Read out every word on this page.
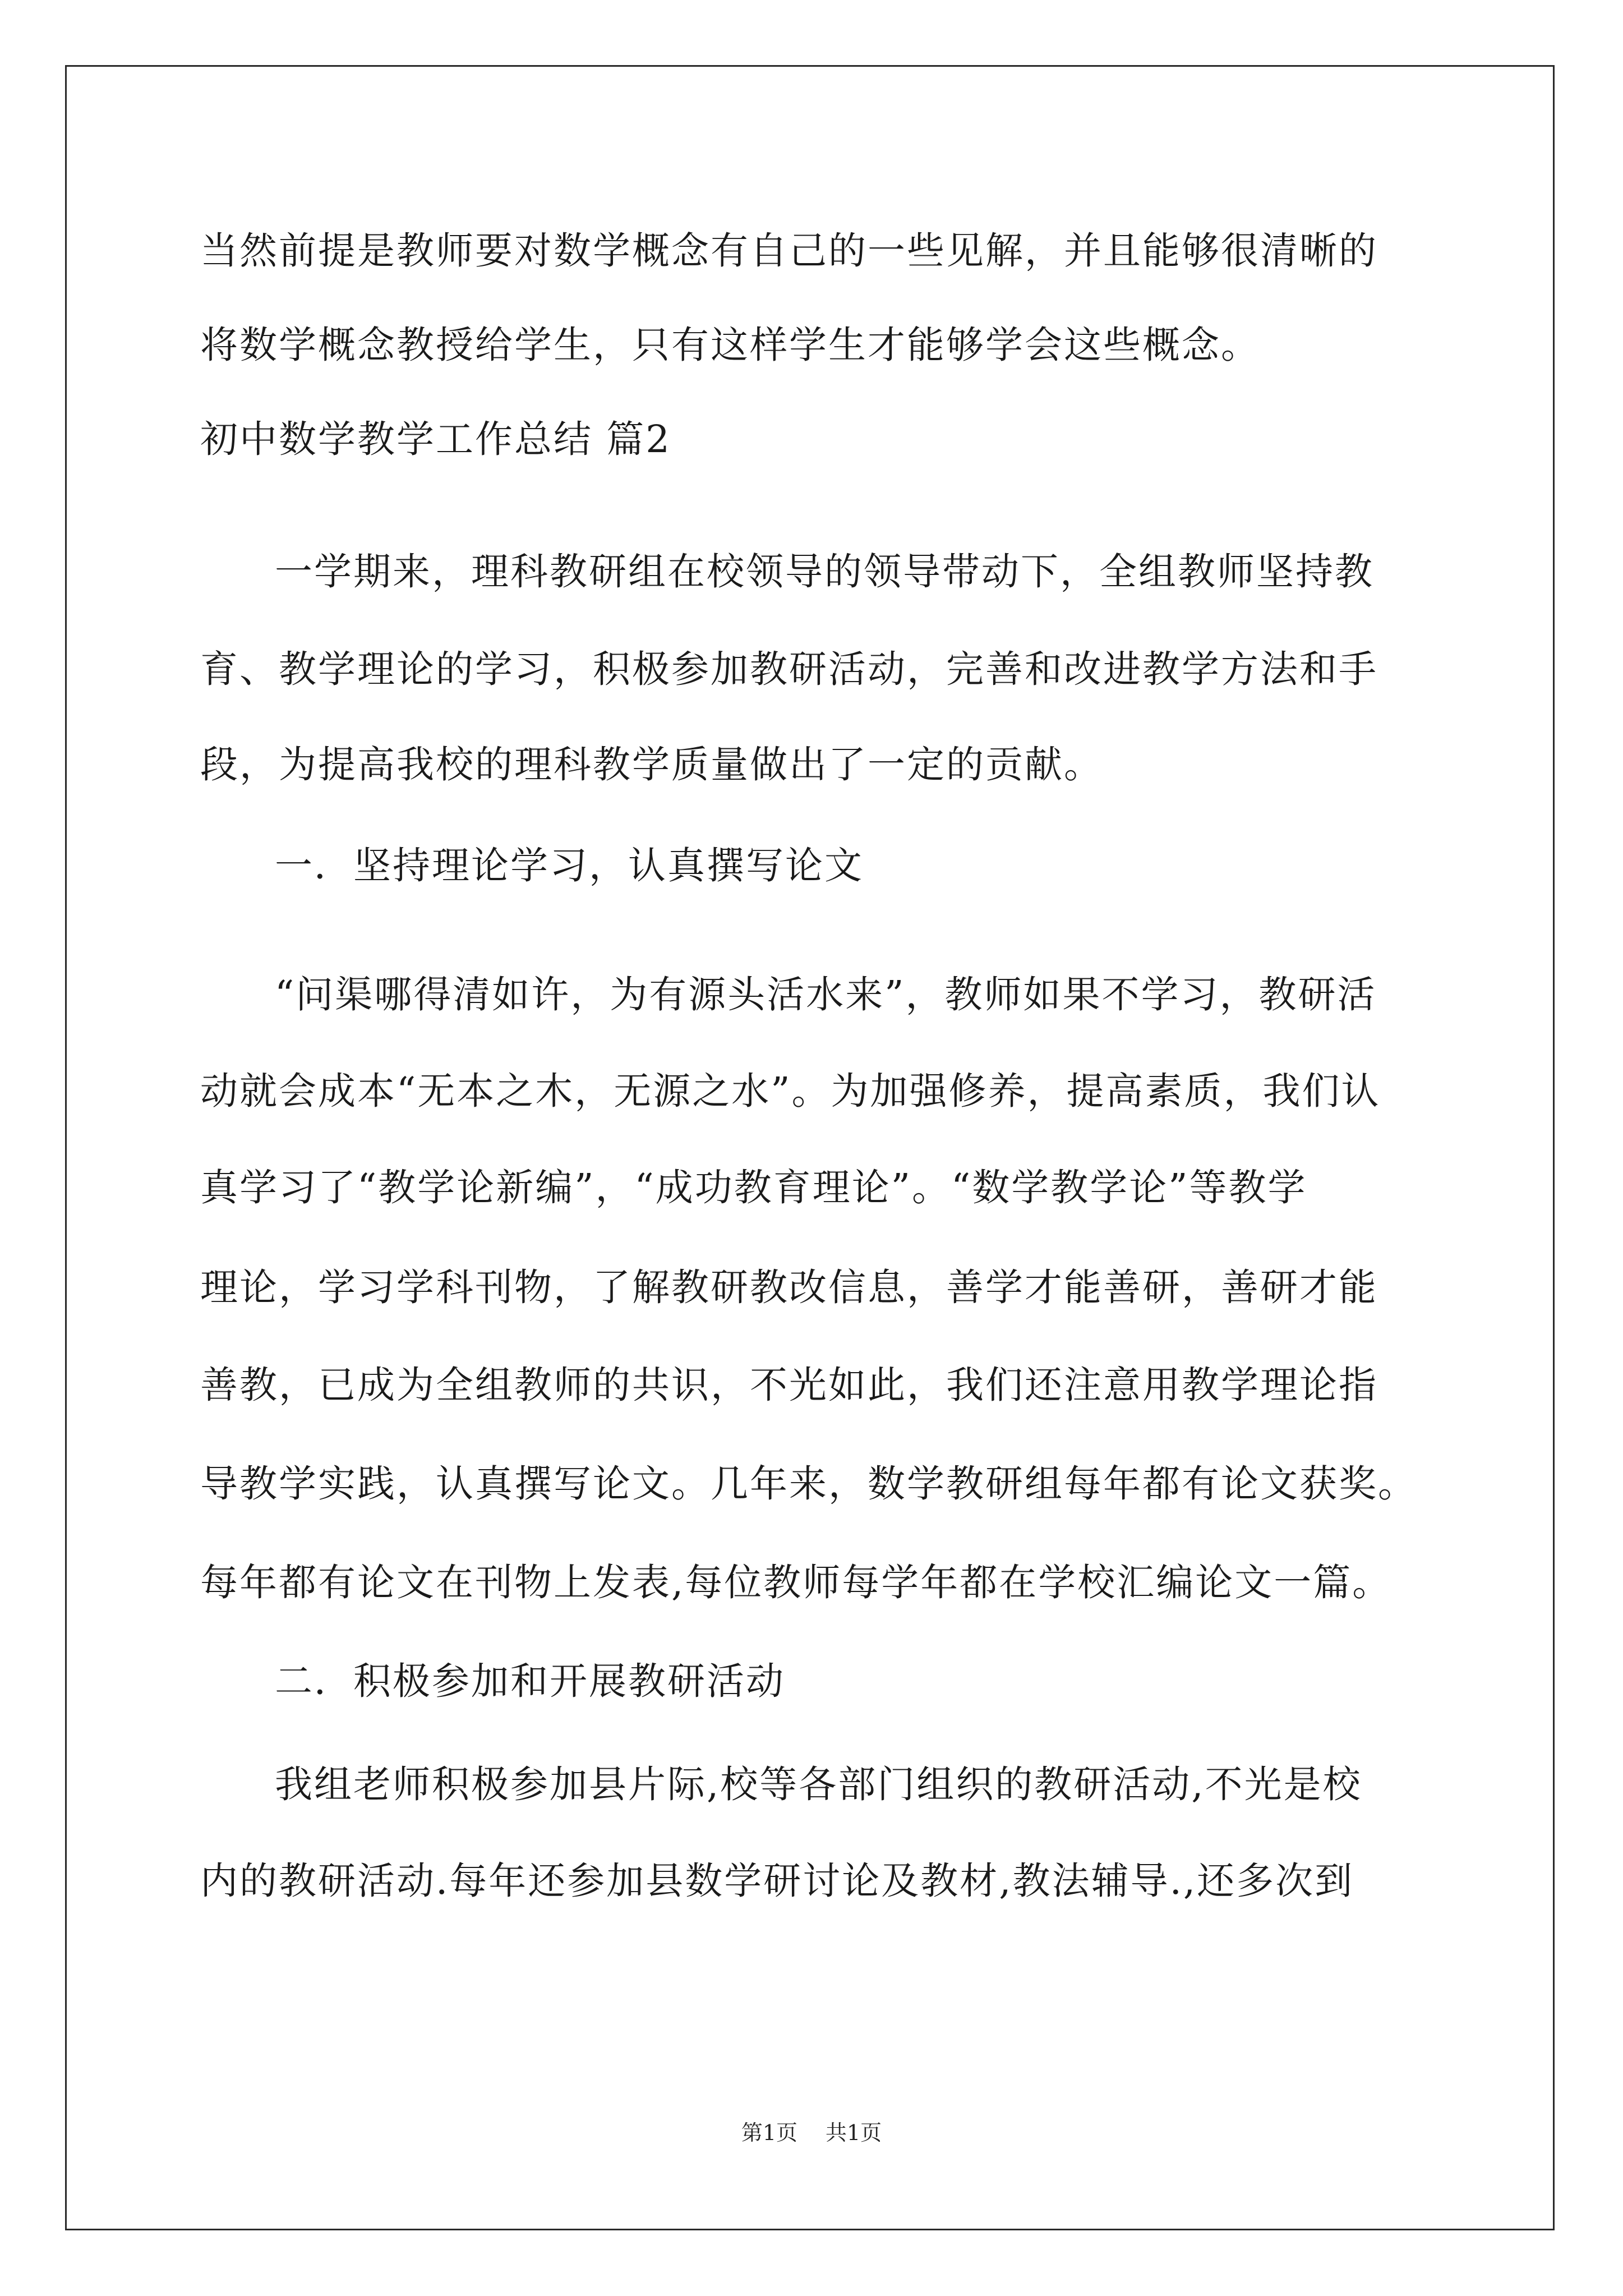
当然前提是教师要对数学概念有自己的一些见解，并且能够很清晰的
将数学概念教授给学生，只有这样学生才能够学会这些概念。
初中数学教学工作总结 篇2
一学期来，理科教研组在校领导的领导带动下，全组教师坚持教
育、教学理论的学习，积极参加教研活动，完善和改进教学方法和手
段，为提高我校的理科教学质量做出了一定的贡献。
一．坚持理论学习，认真撰写论文
“问渠哪得清如许，为有源头活水来”，教师如果不学习，教研活
动就会成本“无本之木，无源之水”。为加强修养，提高素质，我们认
真学习了“教学论新编”，“成功教育理论”。“数学教学论”等教学
理论，学习学科刊物，了解教研教改信息，善学才能善研，善研才能
善教，已成为全组教师的共识，不光如此，我们还注意用教学理论指
导教学实践，认真撰写论文。几年来，数学教研组每年都有论文获奖。
每年都有论文在刊物上发表,每位教师每学年都在学校汇编论文一篇。
二．积极参加和开展教研活动
我组老师积极参加县片际,校等各部门组织的教研活动,不光是校
内的教研活动.每年还参加县数学研讨论及教材,教法辅导.,还多次到
第1页 共1页
